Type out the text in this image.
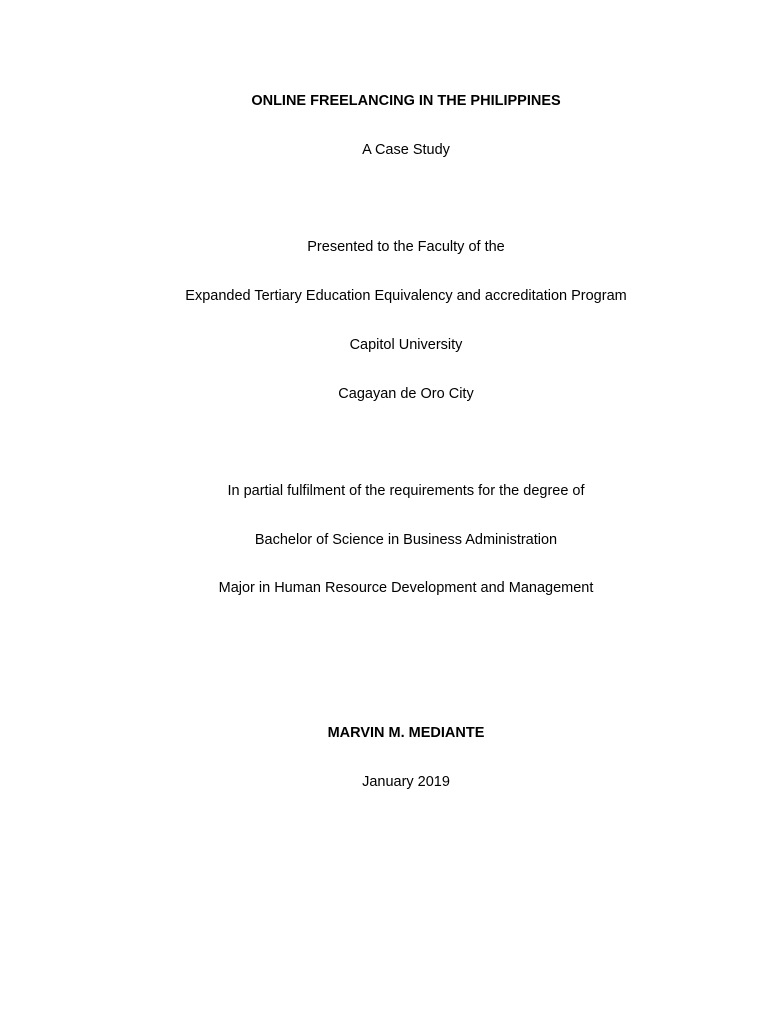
ONLINE FREELANCING IN THE PHILIPPINES
A Case Study
Presented to the Faculty of the
Expanded Tertiary Education Equivalency and accreditation Program
Capitol University
Cagayan de Oro City
In partial fulfilment of the requirements for the degree of
Bachelor of Science in Business Administration
Major in Human Resource Development and Management
MARVIN M. MEDIANTE
January 2019
